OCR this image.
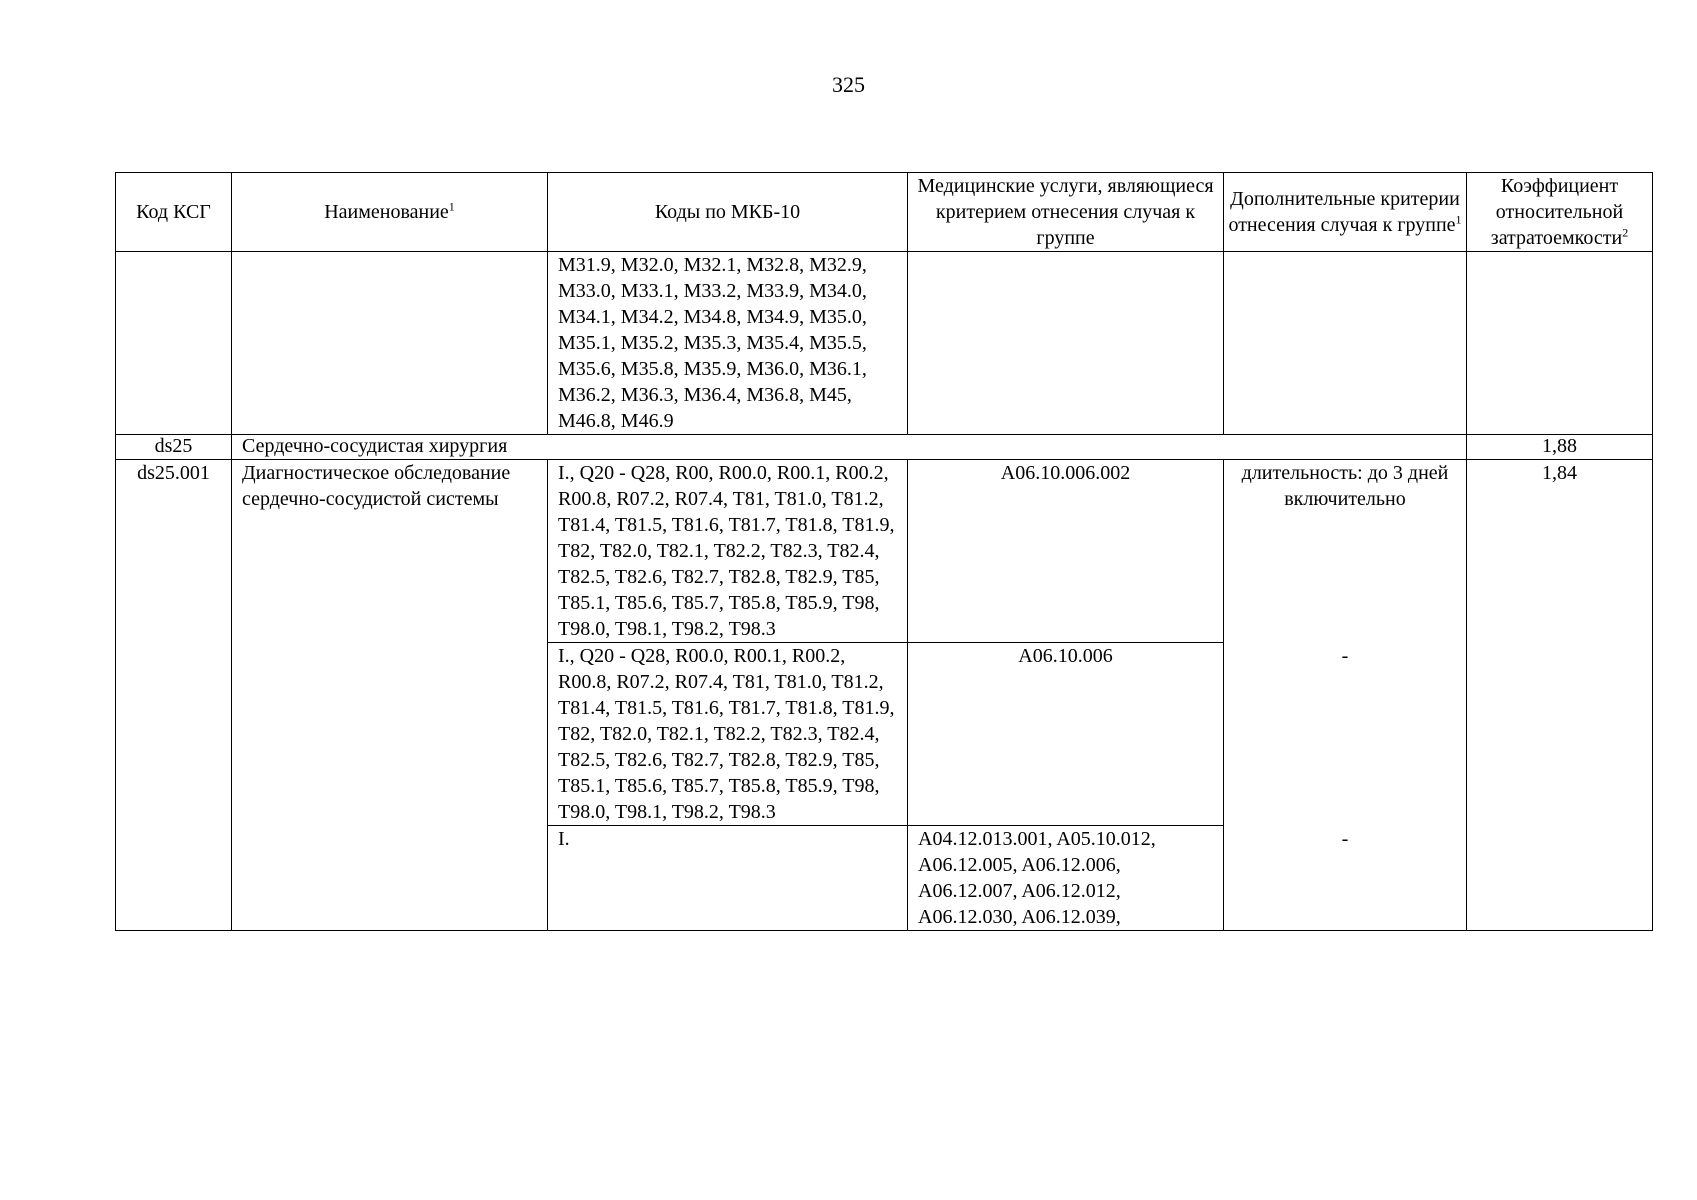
325
Код КСГ	Наименование$^1$	Коды по МКБ-10	Медицинские услуги, являющиеся критерием отнесения случая к группе	Дополнительные критерии отнесения случая к группе$^1$	Коэффициент относительной затратоемкости$^2$
		M31.9, M32.0, M32.1, M32.8, M32.9, M33.0, M33.1, M33.2, M33.9, M34.0, M34.1, M34.2, M34.8, M34.9, M35.0, M35.1, M35.2, M35.3, M35.4, M35.5, M35.6, M35.8, M35.9, M36.0, M36.1, M36.2, M36.3, M36.4, M36.8, M45, M46.8, M46.9			
ds25	Сердечно-сосудистая хирургия				1,88
ds25.001	Диагностическое обследование сердечно-сосудистой системы	I., Q20 - Q28, R00, R00.0, R00.1, R00.2, R00.8, R07.2, R07.4, T81, T81.0, T81.2, T81.4, T81.5, T81.6, T81.7, T81.8, T81.9, T82, T82.0, T82.1, T82.2, T82.3, T82.4, T82.5, T82.6, T82.7, T82.8, T82.9, T85, T85.1, T85.6, T85.7, T85.8, T85.9, T98, T98.0, T98.1, T98.2, T98.3	A06.10.006.002	длительность: до 3 дней включительно	1,84
		I., Q20 - Q28, R00.0, R00.1, R00.2, R00.8, R07.2, R07.4, T81, T81.0, T81.2, T81.4, T81.5, T81.6, T81.7, T81.8, T81.9, T82, T82.0, T82.1, T82.2, T82.3, T82.4, T82.5, T82.6, T82.7, T82.8, T82.9, T85, T85.1, T85.6, T85.7, T85.8, T85.9, T98, T98.0, T98.1, T98.2, T98.3	A06.10.006	-	
		I.	A04.12.013.001, A05.10.012, A06.12.005, A06.12.006, A06.12.007, A06.12.012, A06.12.030, A06.12.039,	-	
